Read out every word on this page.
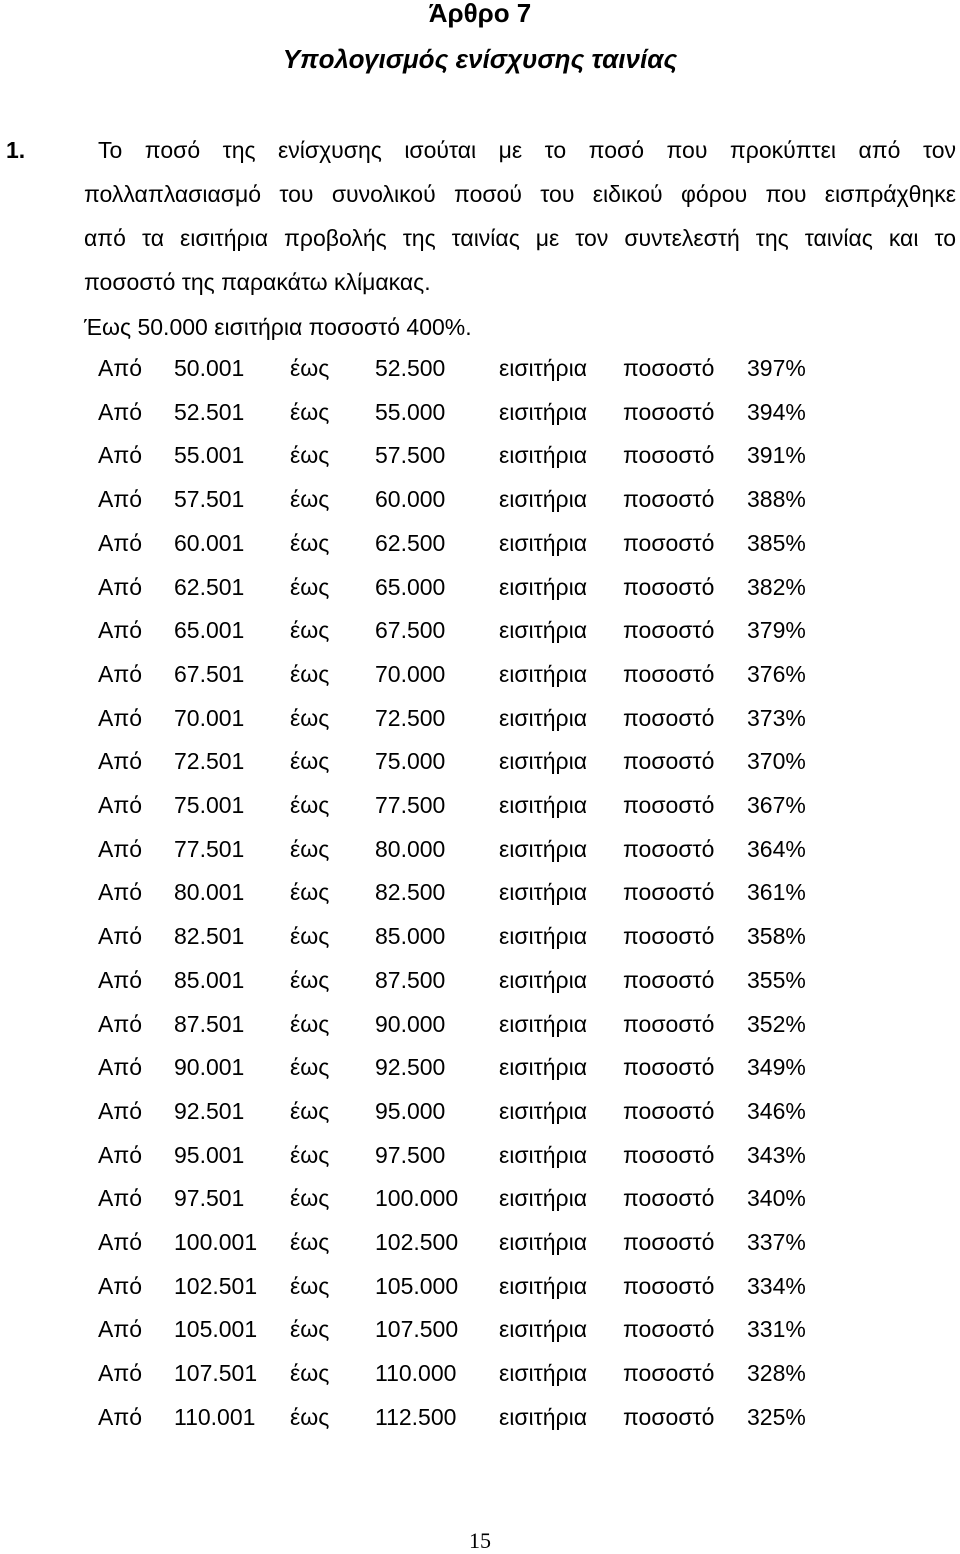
Άρθρο 7
Υπολογισμός ενίσχυσης ταινίας
1.	Το ποσό της ενίσχυσης ισούται με το ποσό που προκύπτει από τον
πολλαπλασιασμό του συνολικού ποσού του ειδικού φόρου που εισπράχθηκε
από τα εισιτήρια προβολής της ταινίας με τον συντελεστή της ταινίας και το
ποσοστό της παρακάτω κλίμακας.

Έως 50.000 εισιτήρια ποσοστό 400%.

Από	50.001	έως	52.500	εισιτήρια	ποσοστό	397%
Από	52.501	έως	55.000	εισιτήρια	ποσοστό	394%
Από	55.001	έως	57.500	εισιτήρια	ποσοστό	391%
Από	57.501	έως	60.000	εισιτήρια	ποσοστό	388%
Από	60.001	έως	62.500	εισιτήρια	ποσοστό	385%
Από	62.501	έως	65.000	εισιτήρια	ποσοστό	382%
Από	65.001	έως	67.500	εισιτήρια	ποσοστό	379%
Από	67.501	έως	70.000	εισιτήρια	ποσοστό	376%
Από	70.001	έως	72.500	εισιτήρια	ποσοστό	373%
Από	72.501	έως	75.000	εισιτήρια	ποσοστό	370%
Από	75.001	έως	77.500	εισιτήρια	ποσοστό	367%
Από	77.501	έως	80.000	εισιτήρια	ποσοστό	364%
Από	80.001	έως	82.500	εισιτήρια	ποσοστό	361%
Από	82.501	έως	85.000	εισιτήρια	ποσοστό	358%
Από	85.001	έως	87.500	εισιτήρια	ποσοστό	355%
Από	87.501	έως	90.000	εισιτήρια	ποσοστό	352%
Από	90.001	έως	92.500	εισιτήρια	ποσοστό	349%
Από	92.501	έως	95.000	εισιτήρια	ποσοστό	346%
Από	95.001	έως	97.500	εισιτήρια	ποσοστό	343%
Από	97.501	έως	100.000	εισιτήρια	ποσοστό	340%
Από	100.001	έως	102.500	εισιτήρια	ποσοστό	337%
Από	102.501	έως	105.000	εισιτήρια	ποσοστό	334%
Από	105.001	έως	107.500	εισιτήρια	ποσοστό	331%
Από	107.501	έως	110.000	εισιτήρια	ποσοστό	328%
Από	110.001	έως	112.500	εισιτήρια	ποσοστό	325%
15
